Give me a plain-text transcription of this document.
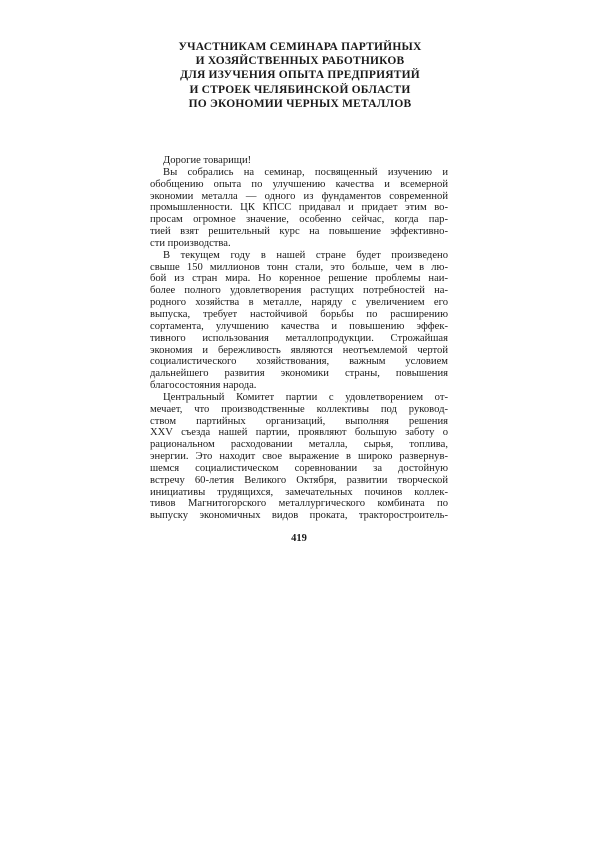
УЧАСТНИКАМ СЕМИНАРА ПАРТИЙНЫХ
И ХОЗЯЙСТВЕННЫХ РАБОТНИКОВ
ДЛЯ ИЗУЧЕНИЯ ОПЫТА ПРЕДПРИЯТИЙ
И СТРОЕК ЧЕЛЯБИНСКОЙ ОБЛАСТИ
ПО ЭКОНОМИИ ЧЕРНЫХ МЕТАЛЛОВ
Дорогие товарищи!
Вы собрались на семинар, посвященный изучению и
обобщению опыта по улучшению качества и всемерной
экономии металла — одного из фундаментов современной
промышленности. ЦК КПСС придавал и придает этим во-
просам огромное значение, особенно сейчас, когда пар-
тией взят решительный курс на повышение эффективно-
сти производства.
В текущем году в нашей стране будет произведено
свыше 150 миллионов тонн стали, это больше, чем в лю-
бой из стран мира. Но коренное решение проблемы наи-
более полного удовлетворения растущих потребностей на-
родного хозяйства в металле, наряду с увеличением его
выпуска, требует настойчивой борьбы по расширению
сортамента, улучшению качества и повышению эффек-
тивного использования металлопродукции. Строжайшая
экономия и бережливость являются неотъемлемой чертой
социалистического хозяйствования, важным условием
дальнейшего развития экономики страны, повышения
благосостояния народа.
Центральный Комитет партии с удовлетворением от-
мечает, что производственные коллективы под руковод-
ством партийных организаций, выполняя решения
XXV съезда нашей партии, проявляют большую заботу о
рациональном расходовании металла, сырья, топлива,
энергии. Это находит свое выражение в широко развернув-
шемся социалистическом соревновании за достойную
встречу 60-летия Великого Октября, развитии творческой
инициативы трудящихся, замечательных починов коллек-
тивов Магнитогорского металлургического комбината по
выпуску экономичных видов проката, тракторостроитель-
419
